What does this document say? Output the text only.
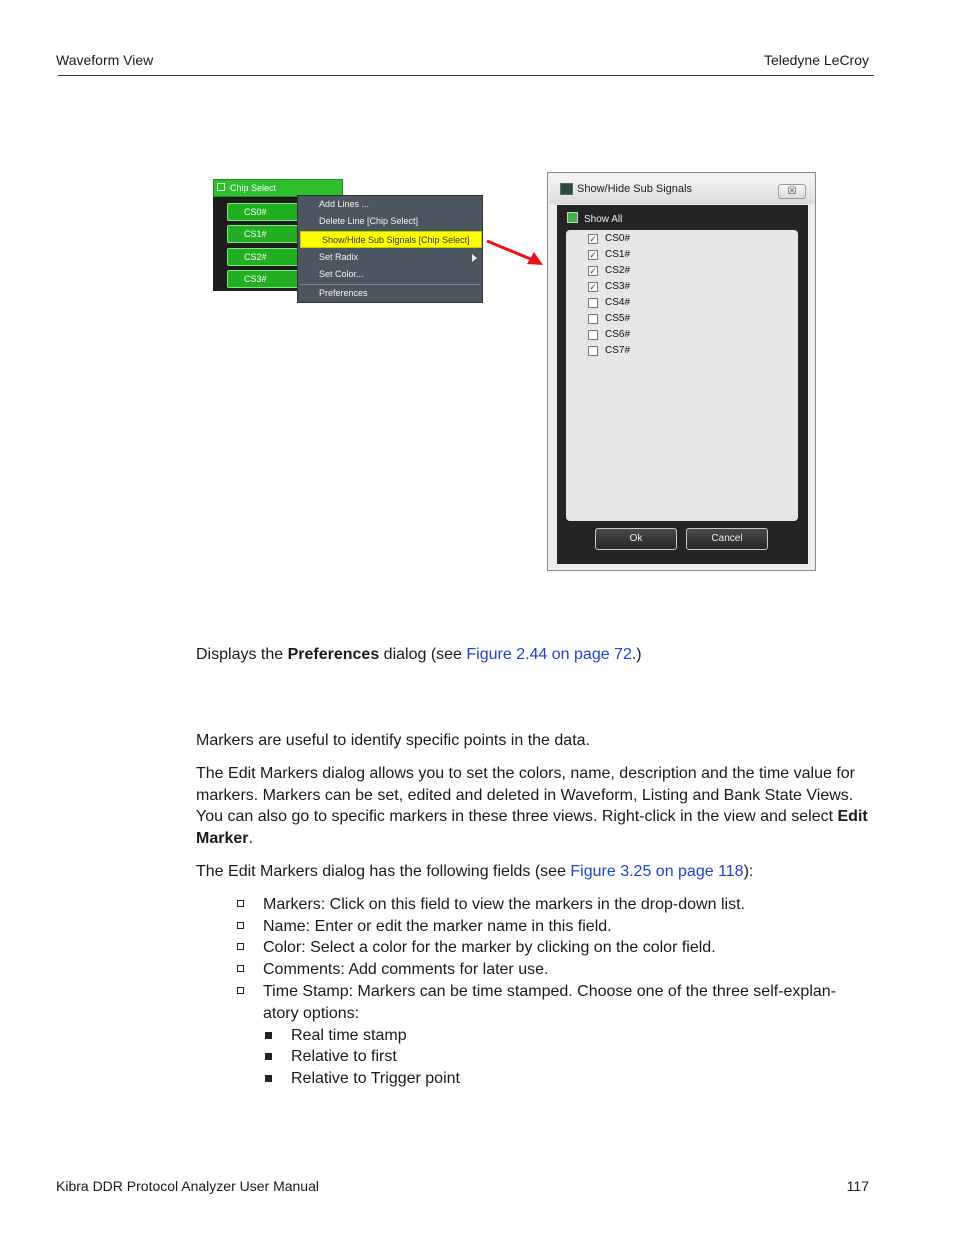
Waveform View	Teledyne LeCroy
Chip Select
CS0#
CS1#
CS2#
CS3#
Add Lines ...
Delete Line [Chip Select]
Show/Hide Sub Signals [Chip Select]
Set Radix
Set Color...
Preferences
Show/Hide Sub Signals	☒
Show All
✓ CS0#
✓ CS1#
✓ CS2#
✓ CS3#
CS4#
CS5#
CS6#
CS7#
Ok	Cancel
Displays the Preferences dialog (see Figure 2.44 on page 72.)
Markers are useful to identify specific points in the data.
The Edit Markers dialog allows you to set the colors, name, description and the time value for markers. Markers can be set, edited and deleted in Waveform, Listing and Bank State Views. You can also go to specific markers in these three views. Right-click in the view and select Edit Marker.
The Edit Markers dialog has the following fields (see Figure 3.25 on page 118):
Markers: Click on this field to view the markers in the drop-down list.
Name: Enter or edit the marker name in this field.
Color: Select a color for the marker by clicking on the color field.
Comments: Add comments for later use.
Time Stamp: Markers can be time stamped. Choose one of the three self-explan-
atory options:
Real time stamp
Relative to first
Relative to Trigger point
Kibra DDR Protocol Analyzer User Manual	117
